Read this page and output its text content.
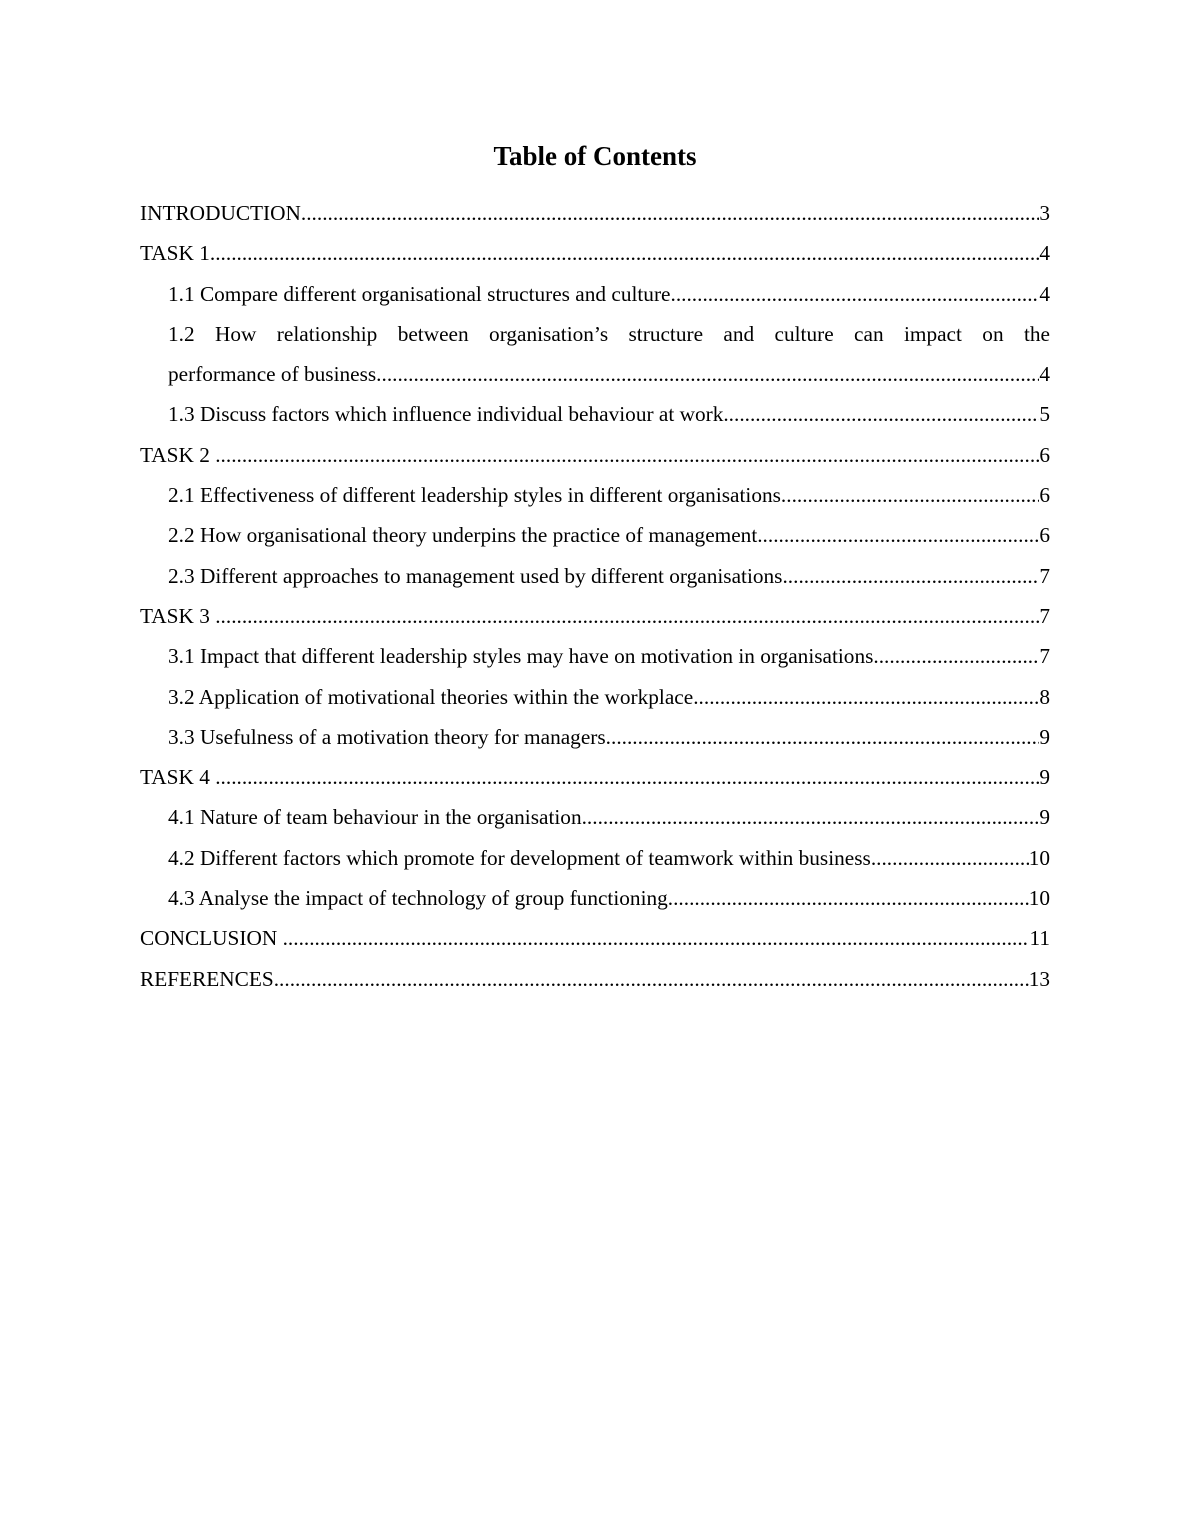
Table of Contents
INTRODUCTION .....	3
TASK 1 .....	4
1.1 Compare different organisational structures and culture .....	4
1.2 How relationship between organisation’s structure and culture can impact on the
performance of business .....	4
1.3 Discuss factors which influence individual behaviour at work .....	5
TASK 2 .....	6
2.1 Effectiveness of different leadership styles in different organisations .....	6
2.2 How organisational theory underpins the practice of management .....	6
2.3 Different approaches to management used by different organisations .....	7
TASK 3 .....	7
3.1 Impact that different leadership styles may have on motivation in organisations .....	7
3.2 Application of motivational theories within the workplace .....	8
3.3 Usefulness of a motivation theory for managers .....	9
TASK 4 .....	9
4.1 Nature of team behaviour in the organisation .....	9
4.2 Different factors which promote for development of teamwork within business .....	10
4.3 Analyse the impact of technology of group functioning .....	10
CONCLUSION .....	11
REFERENCES .....	13
